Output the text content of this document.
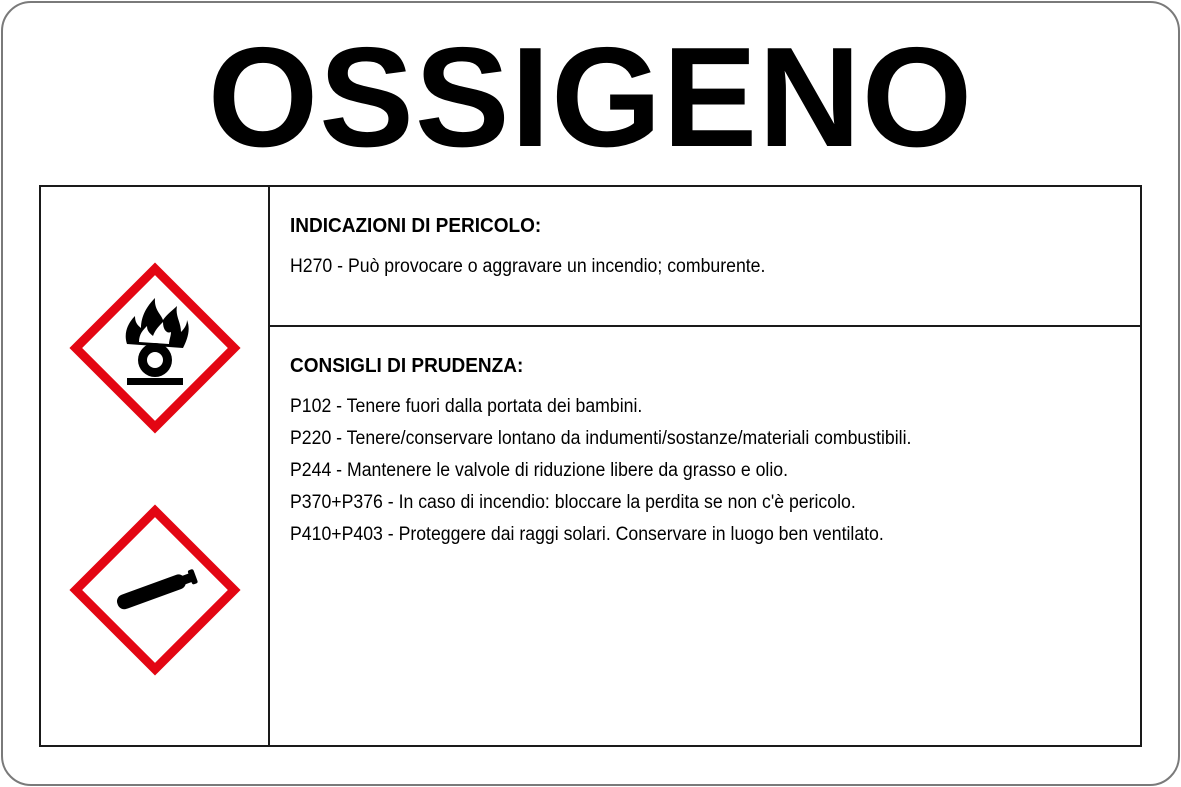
OSSIGENO
INDICAZIONI DI PERICOLO:
H270 - Può provocare o aggravare un incendio; comburente.
CONSIGLI DI PRUDENZA:
P102 - Tenere fuori dalla portata dei bambini.
P220 - Tenere/conservare lontano da indumenti/sostanze/materiali combustibili.
P244 - Mantenere le valvole di riduzione libere da grasso e olio.
P370+P376 - In caso di incendio: bloccare la perdita se non c'è pericolo.
P410+P403 - Proteggere dai raggi solari. Conservare in luogo ben ventilato.
